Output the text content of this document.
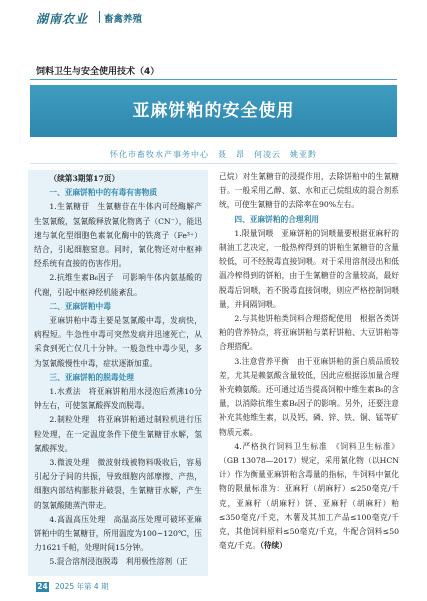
湖南农业 畜禽养殖
饲料卫生与安全使用技术（4）
亚麻饼粕的安全使用
怀化市畜牧水产事务中心　聂　昂　何凌云　姚亚黔

（续第3期第17页）

一、亚麻饼粕中的有毒有害物质

1.生氰糖苷　生氰糖苷在牛体内可经酶解产生氢氰酸，氢氰酸释放氰化物离子（CN⁻），能迅速与氧化型细胞色素氧化酶中的铁离子（Fe³⁺）结合，引起细胞窒息。同时，氰化物还对中枢神经系统有直接的伤害作用。

2.抗维生素B₆因子　可影响牛体内氨基酸的代谢，引起中枢神经机能紊乱。

二、亚麻饼粕中毒

亚麻饼粕中毒主要是氢氰酸中毒，发病快，病程短。牛急性中毒可突然发病并迅速死亡，从采食到死亡仅几十分钟。一般急性中毒少见，多为氢氰酸慢性中毒，症状逐渐加重。

三、亚麻饼粕的脱毒处理

1.水煮法　将亚麻饼粕用水浸泡后煮沸10分钟左右，可使氢氰酸挥发而脱毒。

2.制粒处理　将亚麻饼粕通过制粒机进行压粒处理，在一定温度条件下使生氰糖苷水解，氢氰酸挥发。

3.微波处理　微波射线被物料吸收后，容易引起分子间的共振，导致细胞内部摩擦、产热，细胞内部结构膨胀并破裂，生氰糖苷水解，产生的氢氰酸随蒸汽带走。

4.高温高压处理　高温高压处理可破坏亚麻饼粕中的生氰糖苷，所用温度为100~120℃，压力1621千帕，处理时间15分钟。

5.混合溶剂浸泡脱毒　利用极性溶剂（正

己烷）对生氰糖苷的浸提作用，去除饼粕中的生氰糖苷。一般采用乙醇、氨、水和正己烷组成的混合剂系统，可使生氰糖苷的去除率在90%左右。

四、亚麻饼粕的合理利用

1.限量饲喂　亚麻饼粕的饲喂量要根据亚麻籽的制油工艺决定，一般热榨得到的饼粕生氰糖苷的含量较低，可不经脱毒直接饲喂。对于采用溶剂浸出和低温冷榨得到的饼粕，由于生氰糖苷的含量较高，最好脱毒后饲喂，若不脱毒直接饲喂，则应严格控制饲喂量，并间隔饲喂。

2.与其他饼粕类饲料合理搭配使用　根据各类饼粕的营养特点，将亚麻饼粕与菜籽饼粕、大豆饼粕等合理搭配。

3.注意营养平衡　由于亚麻饼粕的蛋白质品质较差，尤其是赖氨酸含量较低，因此应根据添加量合理补充赖氨酸。还可通过适当提高饲粮中维生素B₆的含量，以消除抗维生素B₆因子的影响。另外，还要注意补充其他维生素，以及钙、磷、锌、铁、铜、锰等矿物质元素。

4.严格执行饲料卫生标准　《饲料卫生标准》（GB 13078—2017）规定，采用氰化物（以HCN计）作为衡量亚麻饼粕含毒量的指标，牛饲料中氰化物的限量标准为：亚麻籽（胡麻籽）≤250毫克/千克，亚麻籽（胡麻籽）饼、亚麻籽（胡麻籽）粕≤350毫克/千克，木薯及其加工产品≤100毫克/千克，其他饲料原料≤50毫克/千克，牛配合饲料≤50毫克/千克。（待续）

24 2025 年第 4 期
